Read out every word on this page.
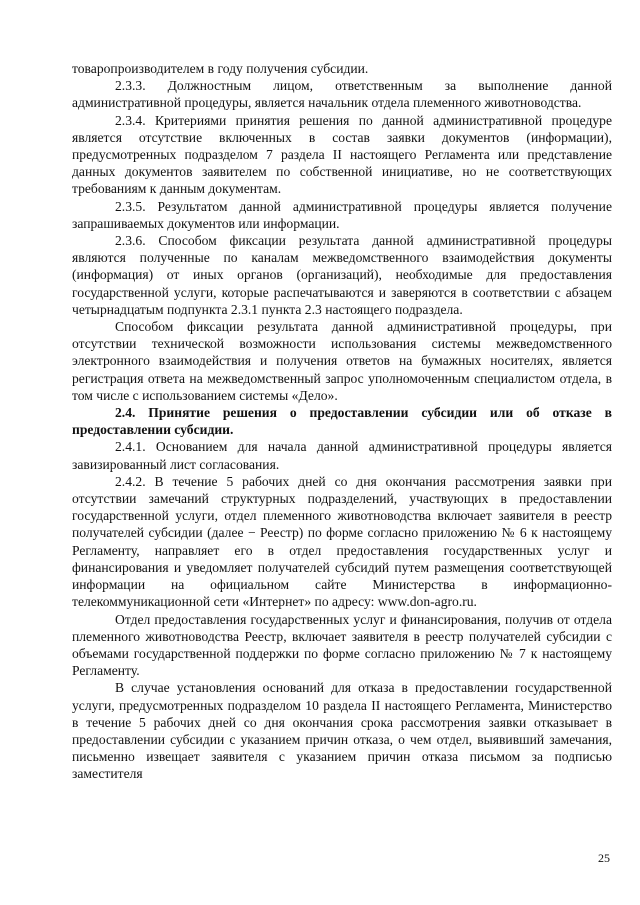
товаропроизводителем в году получения субсидии.

2.3.3. Должностным лицом, ответственным за выполнение данной административной процедуры, является начальник отдела племенного животноводства.

2.3.4. Критериями принятия решения по данной административной процедуре является отсутствие включенных в состав заявки документов (информации), предусмотренных подразделом 7 раздела II настоящего Регламента или представление данных документов заявителем по собственной инициативе, но не соответствующих требованиям к данным документам.

2.3.5. Результатом данной административной процедуры является получение запрашиваемых документов или информации.

2.3.6. Способом фиксации результата данной административной процедуры являются полученные по каналам межведомственного взаимодействия документы (информация) от иных органов (организаций), необходимые для предоставления государственной услуги, которые распечатываются и заверяются в соответствии с абзацем четырнадцатым подпункта 2.3.1 пункта 2.3 настоящего подраздела.

Способом фиксации результата данной административной процедуры, при отсутствии технической возможности использования системы межведомственного электронного взаимодействия и получения ответов на бумажных носителях, является регистрация ответа на межведомственный запрос уполномоченным специалистом отдела, в том числе с использованием системы «Дело».

2.4. Принятие решения о предоставлении субсидии или об отказе в предоставлении субсидии.

2.4.1. Основанием для начала данной административной процедуры является завизированный лист согласования.

2.4.2. В течение 5 рабочих дней со дня окончания рассмотрения заявки при отсутствии замечаний структурных подразделений, участвующих в предоставлении государственной услуги, отдел племенного животноводства включает заявителя в реестр получателей субсидии (далее − Реестр) по форме согласно приложению № 6 к настоящему Регламенту, направляет его в отдел предоставления государственных услуг и финансирования и уведомляет получателей субсидий путем размещения соответствующей информации на официальном сайте Министерства в информационно-телекоммуникационной сети «Интернет» по адресу: www.don-agro.ru.

Отдел предоставления государственных услуг и финансирования, получив от отдела племенного животноводства Реестр, включает заявителя в реестр получателей субсидии с объемами государственной поддержки по форме согласно приложению № 7 к настоящему Регламенту.

В случае установления оснований для отказа в предоставлении государственной услуги, предусмотренных подразделом 10 раздела II настоящего Регламента, Министерство в течение 5 рабочих дней со дня окончания срока рассмотрения заявки отказывает в предоставлении субсидии с указанием причин отказа, о чем отдел, выявивший замечания, письменно извещает заявителя с указанием причин отказа письмом за подписью заместителя

25
